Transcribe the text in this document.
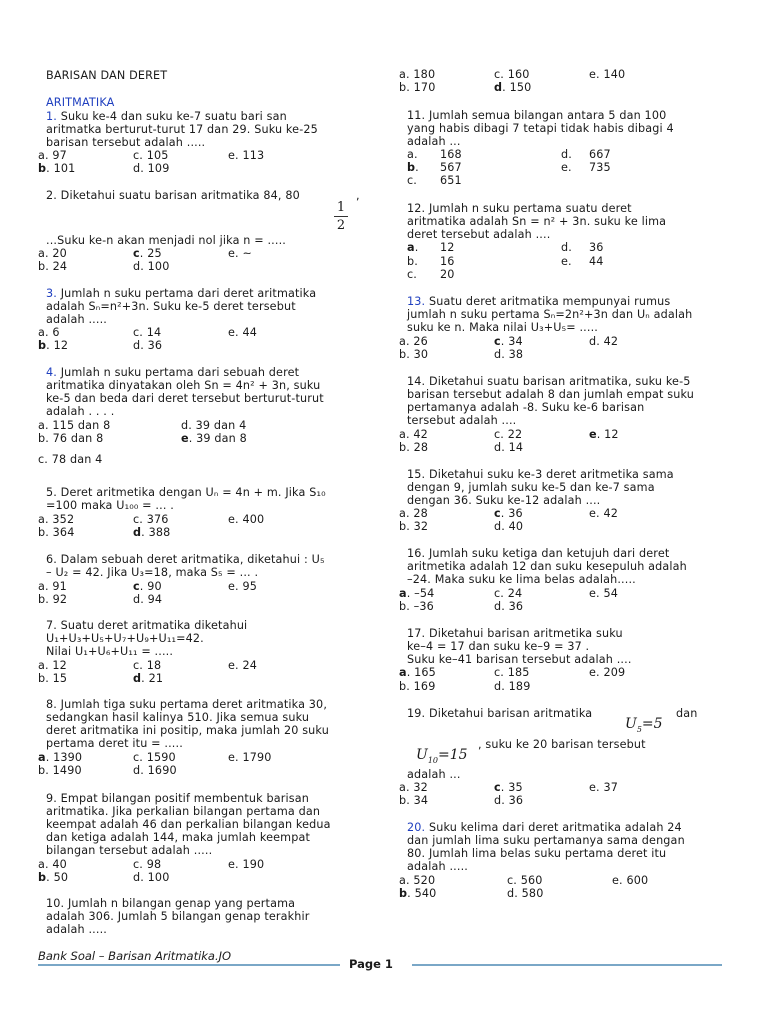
BARISAN DAN DERET
ARITMATIKA
1. Suku ke-4 dan suku ke-7 suatu bari san
aritmatka berturut-turut 17 dan 29. Suku ke-25
barisan tersebut adalah .....
a. 97	c. 105	e. 113
b. 101	d. 109
2. Diketahui suatu barisan aritmatika 84, 80
1
2
,
...Suku ke-n akan menjadi nol jika n = .....
a. 20	c. 25	e. ~
b. 24	d. 100
3. Jumlah n suku pertama dari deret aritmatika
adalah Sₙ=n²+3n. Suku ke-5 deret tersebut
adalah .....
a. 6	c. 14	e. 44
b. 12	d. 36
4. Jumlah n suku pertama dari sebuah deret
aritmatika dinyatakan oleh Sn = 4n² + 3n, suku
ke-5 dan beda dari deret tersebut berturut-turut
adalah . . . .
a. 115 dan 8	d. 39 dan 4
b. 76 dan 8	e. 39 dan 8
c. 78 dan 4
5. Deret aritmetika dengan Uₙ = 4n + m. Jika S₁₀
=100 maka U₁₀₀ = ... .
a. 352	c. 376	e. 400
b. 364	d. 388
6. Dalam sebuah deret aritmatika, diketahui : U₅
– U₂ = 42. Jika U₃=18, maka S₅ = ... .
a. 91	c. 90	e. 95
b. 92	d. 94
7. Suatu deret aritmatika diketahui
U₁+U₃+U₅+U₇+U₉+U₁₁=42.
Nilai U₁+U₆+U₁₁ = .....
a. 12	c. 18	e. 24
b. 15	d. 21
8. Jumlah tiga suku pertama deret aritmatika 30,
sedangkan hasil kalinya 510. Jika semua suku
deret aritmatika ini positip, maka jumlah 20 suku
pertama deret itu = .....
a. 1390	c. 1590	e. 1790
b. 1490	d. 1690
9. Empat bilangan positif membentuk barisan
aritmatika. Jika perkalian bilangan pertama dan
keempat adalah 46 dan perkalian bilangan kedua
dan ketiga adalah 144, maka jumlah keempat
bilangan tersebut adalah .....
a. 40	c. 98	e. 190
b. 50	d. 100
10. Jumlah n bilangan genap yang pertama
adalah 306. Jumlah 5 bilangan genap terakhir
adalah .....
a. 180	c. 160	e. 140
b. 170	d. 150
11. Jumlah semua bilangan antara 5 dan 100
yang habis dibagi 7 tetapi tidak habis dibagi 4
adalah ...
a. 168	d. 667
b. 567	e. 735
c. 651
12. Jumlah n suku pertama suatu deret
aritmatika adalah Sn = n² + 3n. suku ke lima
deret tersebut adalah ....
a. 12	d. 36
b. 16	e. 44
c. 20
13. Suatu deret aritmatika mempunyai rumus
jumlah n suku pertama Sₙ=2n²+3n dan Uₙ adalah
suku ke n. Maka nilai U₃+U₅= .....
a. 26	c. 34	d. 42
b. 30	d. 38
14. Diketahui suatu barisan aritmatika, suku ke-5
barisan tersebut adalah 8 dan jumlah empat suku
pertamanya adalah -8. Suku ke-6 barisan
tersebut adalah ....
a. 42	c. 22	e. 12
b. 28	d. 14
15. Diketahui suku ke-3 deret aritmetika sama
dengan 9, jumlah suku ke-5 dan ke-7 sama
dengan 36. Suku ke-12 adalah ....
a. 28	c. 36	e. 42
b. 32	d. 40
16. Jumlah suku ketiga dan ketujuh dari deret
aritmetika adalah 12 dan suku kesepuluh adalah
–24. Maka suku ke lima belas adalah.....
a. –54	c. 24	e. 54
b. –36	d. 36
17. Diketahui barisan aritmetika suku
ke–4 = 17 dan suku ke–9 = 37 .
Suku ke–41 barisan tersebut adalah ....
a. 165	c. 185	e. 209
b. 169	d. 189
19. Diketahui barisan aritmatika
$U_5=5$
dan
$U_{10}=15$
, suku ke 20 barisan tersebut
adalah ...
a. 32	c. 35	e. 37
b. 34	d. 36
20. Suku kelima dari deret aritmatika adalah 24
dan jumlah lima suku pertamanya sama dengan
80. Jumlah lima belas suku pertama deret itu
adalah .....
a. 520	c. 560	e. 600
b. 540	d. 580
Bank Soal – Barisan Aritmatika.JO
Page 1
